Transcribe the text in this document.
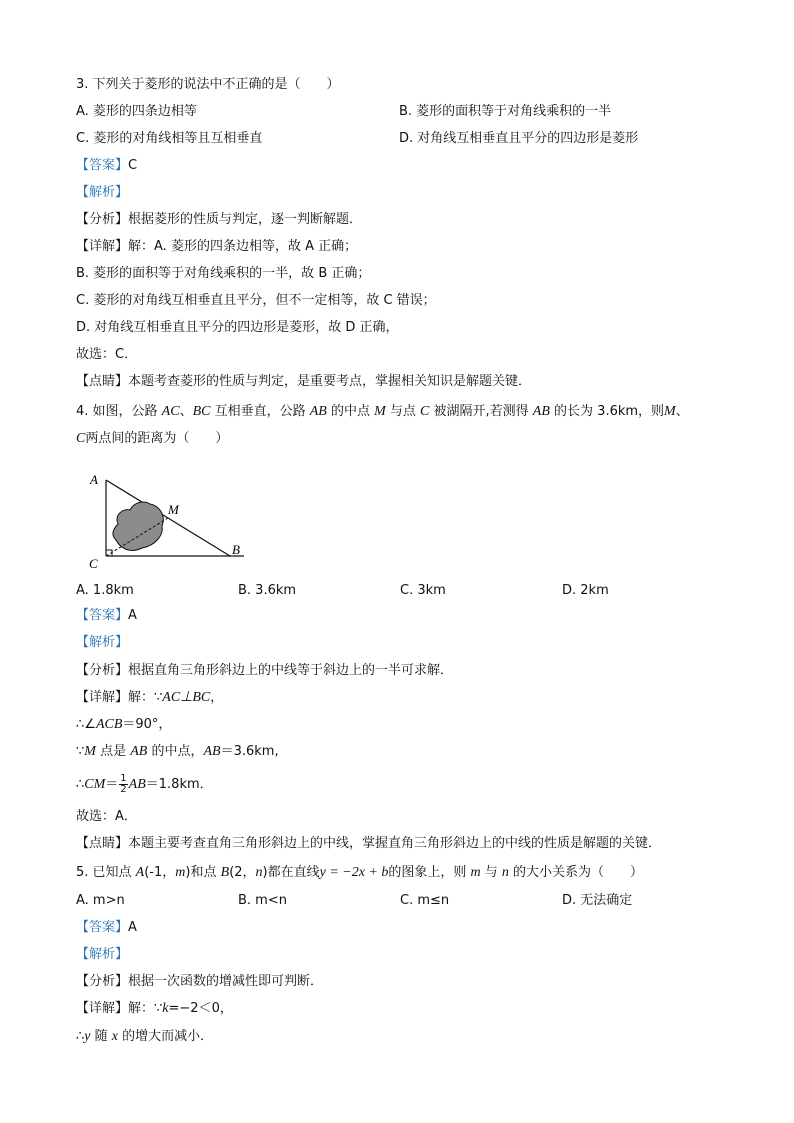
3. 下列关于菱形的说法中不正确的是（　　）
A. 菱形的四条边相等	B. 菱形的面积等于对角线乘积的一半
C. 菱形的对角线相等且互相垂直	D. 对角线互相垂直且平分的四边形是菱形
【答案】C
【解析】
【分析】根据菱形的性质与判定，逐一判断解题．
【详解】解：A. 菱形的四条边相等，故 A 正确；
B. 菱形的面积等于对角线乘积的一半，故 B 正确；
C. 菱形的对角线互相垂直且平分，但不一定相等，故 C 错误；
D. 对角线互相垂直且平分的四边形是菱形，故 D 正确，
故选：C．
【点睛】本题考查菱形的性质与判定，是重要考点，掌握相关知识是解题关键．
4. 如图，公路 AC、BC 互相垂直，公路 AB 的中点 M 与点 C 被湖隔开,若测得 AB 的长为 3.6km，则M、
C两点间的距离为（　　）
A
M
C
B
A. 1.8km	B. 3.6km	C. 3km	D. 2km
【答案】A
【解析】
【分析】根据直角三角形斜边上的中线等于斜边上的一半可求解．
【详解】解：∵AC⊥BC，
∴∠ACB＝90°，
∵M 点是 AB 的中点，AB＝3.6km,
∴CM＝ $\frac{1}{2} AB=1.8km$．
故选：A．
【点睛】本题主要考查直角三角形斜边上的中线，掌握直角三角形斜边上的中线的性质是解题的关键．
5. 已知点 A(-1，m)和点 B(2，n)都在直线y = −2x + b的图象上，则 m 与 n 的大小关系为（　　）
A. m>n	B. m<n	C. m≤n	D. 无法确定
【答案】A
【解析】
【分析】根据一次函数的增减性即可判断．
【详解】解：∵k=−2＜0，
∴y 随 x 的增大而减小．
